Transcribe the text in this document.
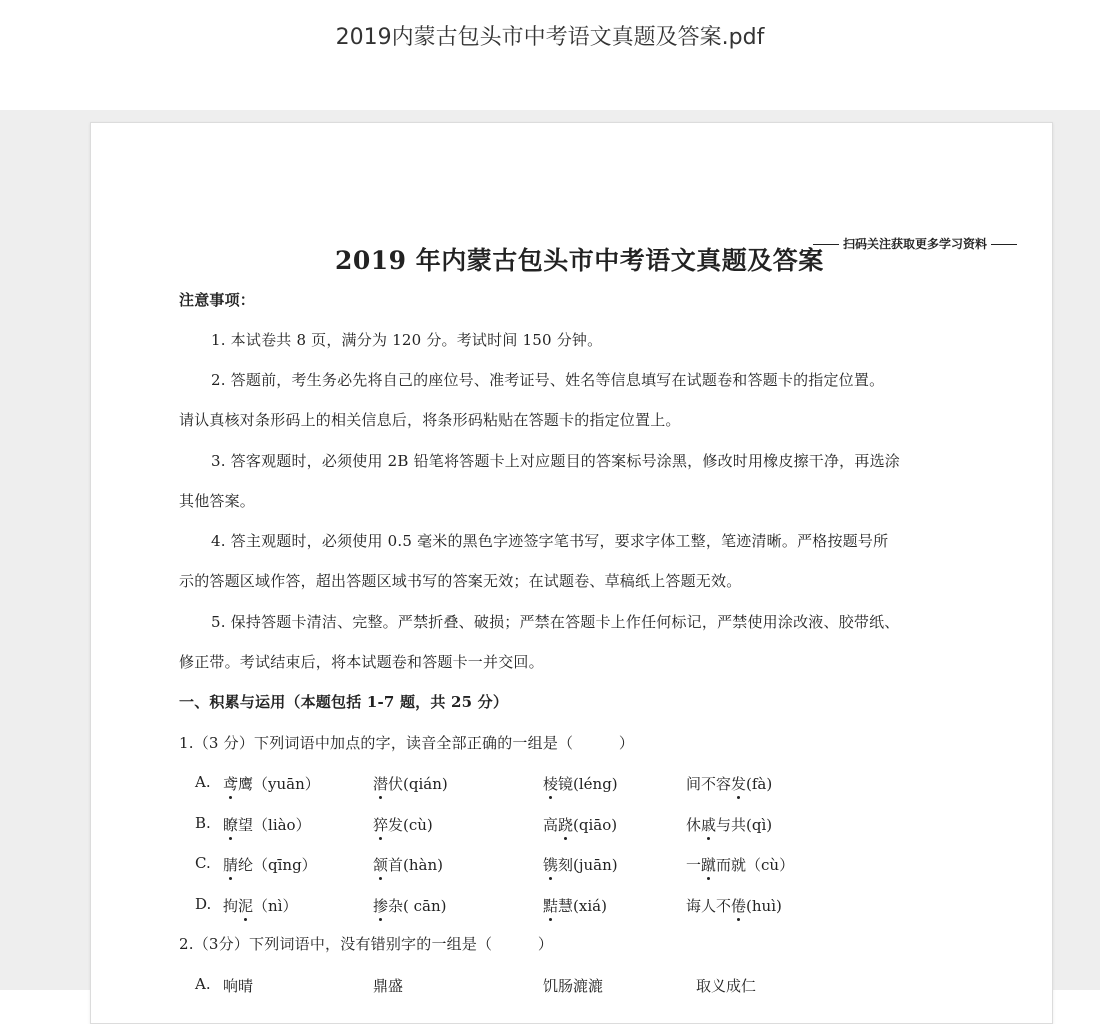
2019内蒙古包头市中考语文真题及答案.pdf
扫码关注获取更多学习资料
2019 年内蒙古包头市中考语文真题及答案
注意事项：
1. 本试卷共 8 页，满分为 120 分。考试时间 150 分钟。
2. 答题前，考生务必先将自己的座位号、准考证号、姓名等信息填写在试题卷和答题卡的指定位置。
请认真核对条形码上的相关信息后，将条形码粘贴在答题卡的指定位置上。
3. 答客观题时，必须使用 2B 铅笔将答题卡上对应题目的答案标号涂黑，修改时用橡皮擦干净，再选涂
其他答案。
4. 答主观题时，必须使用 0.5 毫米的黑色字迹签字笔书写，要求字体工整，笔迹清晰。严格按题号所
示的答题区域作答，超出答题区域书写的答案无效；在试题卷、草稿纸上答题无效。
5. 保持答题卡清洁、完整。严禁折叠、破损；严禁在答题卡上作任何标记，严禁使用涂改液、胶带纸、
修正带。考试结束后，将本试题卷和答题卡一并交回。
一、积累与运用（本题包括 1-7 题，共 25 分）
1.（3 分）下列词语中加点的字，读音全部正确的一组是（　　　）
2.（3分）下列词语中，没有错别字的一组是（　　　）
A. 鸢鹰（yuān）	潜伏(qián)	棱镜(léng)	间不容发(fà)
B. 瞭望（liào）	猝发(cù)	高跷(qiāo)	休戚与共(qì)
C. 腈纶（qīng）	颔首(hàn)	镌刻(juān)	一蹴而就（cù）
D. 拘泥（nì）	掺杂( cān)	黠慧(xiá)	诲人不倦(huì)
A. 响晴	鼎盛	饥肠漉漉	取义成仁
